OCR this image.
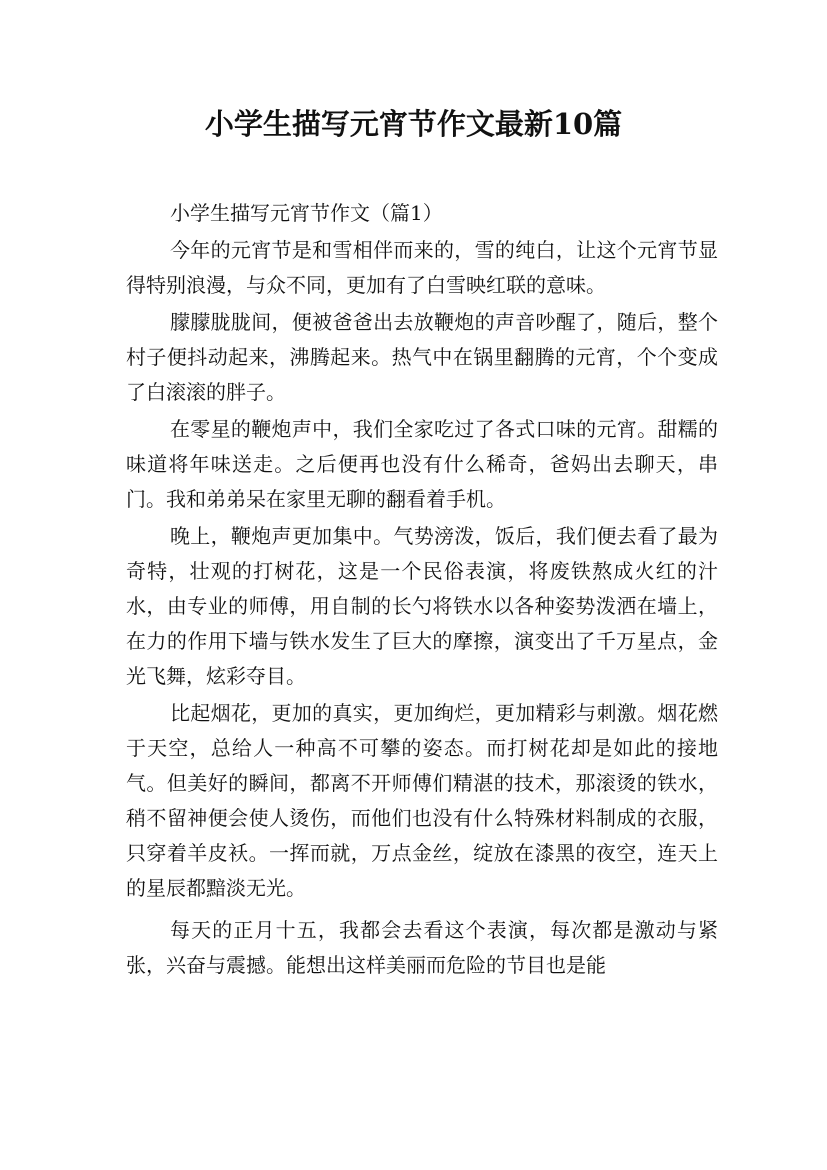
小学生描写元宵节作文最新10篇

小学生描写元宵节作文（篇1）

今年的元宵节是和雪相伴而来的，雪的纯白，让这个元宵节显得特别浪漫，与众不同，更加有了白雪映红联的意味。

朦朦胧胧间，便被爸爸出去放鞭炮的声音吵醒了，随后，整个村子便抖动起来，沸腾起来。热气中在锅里翻腾的元宵，个个变成了白滚滚的胖子。

在零星的鞭炮声中，我们全家吃过了各式口味的元宵。甜糯的味道将年味送走。之后便再也没有什么稀奇，爸妈出去聊天，串门。我和弟弟呆在家里无聊的翻看着手机。

晚上，鞭炮声更加集中。气势滂泼，饭后，我们便去看了最为奇特，壮观的打树花，这是一个民俗表演，将废铁熬成火红的汁水，由专业的师傅，用自制的长勺将铁水以各种姿势泼洒在墙上，在力的作用下墙与铁水发生了巨大的摩擦，演变出了千万星点，金光飞舞，炫彩夺目。

比起烟花，更加的真实，更加绚烂，更加精彩与刺激。烟花燃于天空，总给人一种高不可攀的姿态。而打树花却是如此的接地气。但美好的瞬间，都离不开师傅们精湛的技术，那滚烫的铁水，稍不留神便会使人烫伤，而他们也没有什么特殊材料制成的衣服，只穿着羊皮袄。一挥而就，万点金丝，绽放在漆黑的夜空，连天上的星辰都黯淡无光。

每天的正月十五，我都会去看这个表演，每次都是激动与紧张，兴奋与震撼。能想出这样美丽而危险的节目也是能
